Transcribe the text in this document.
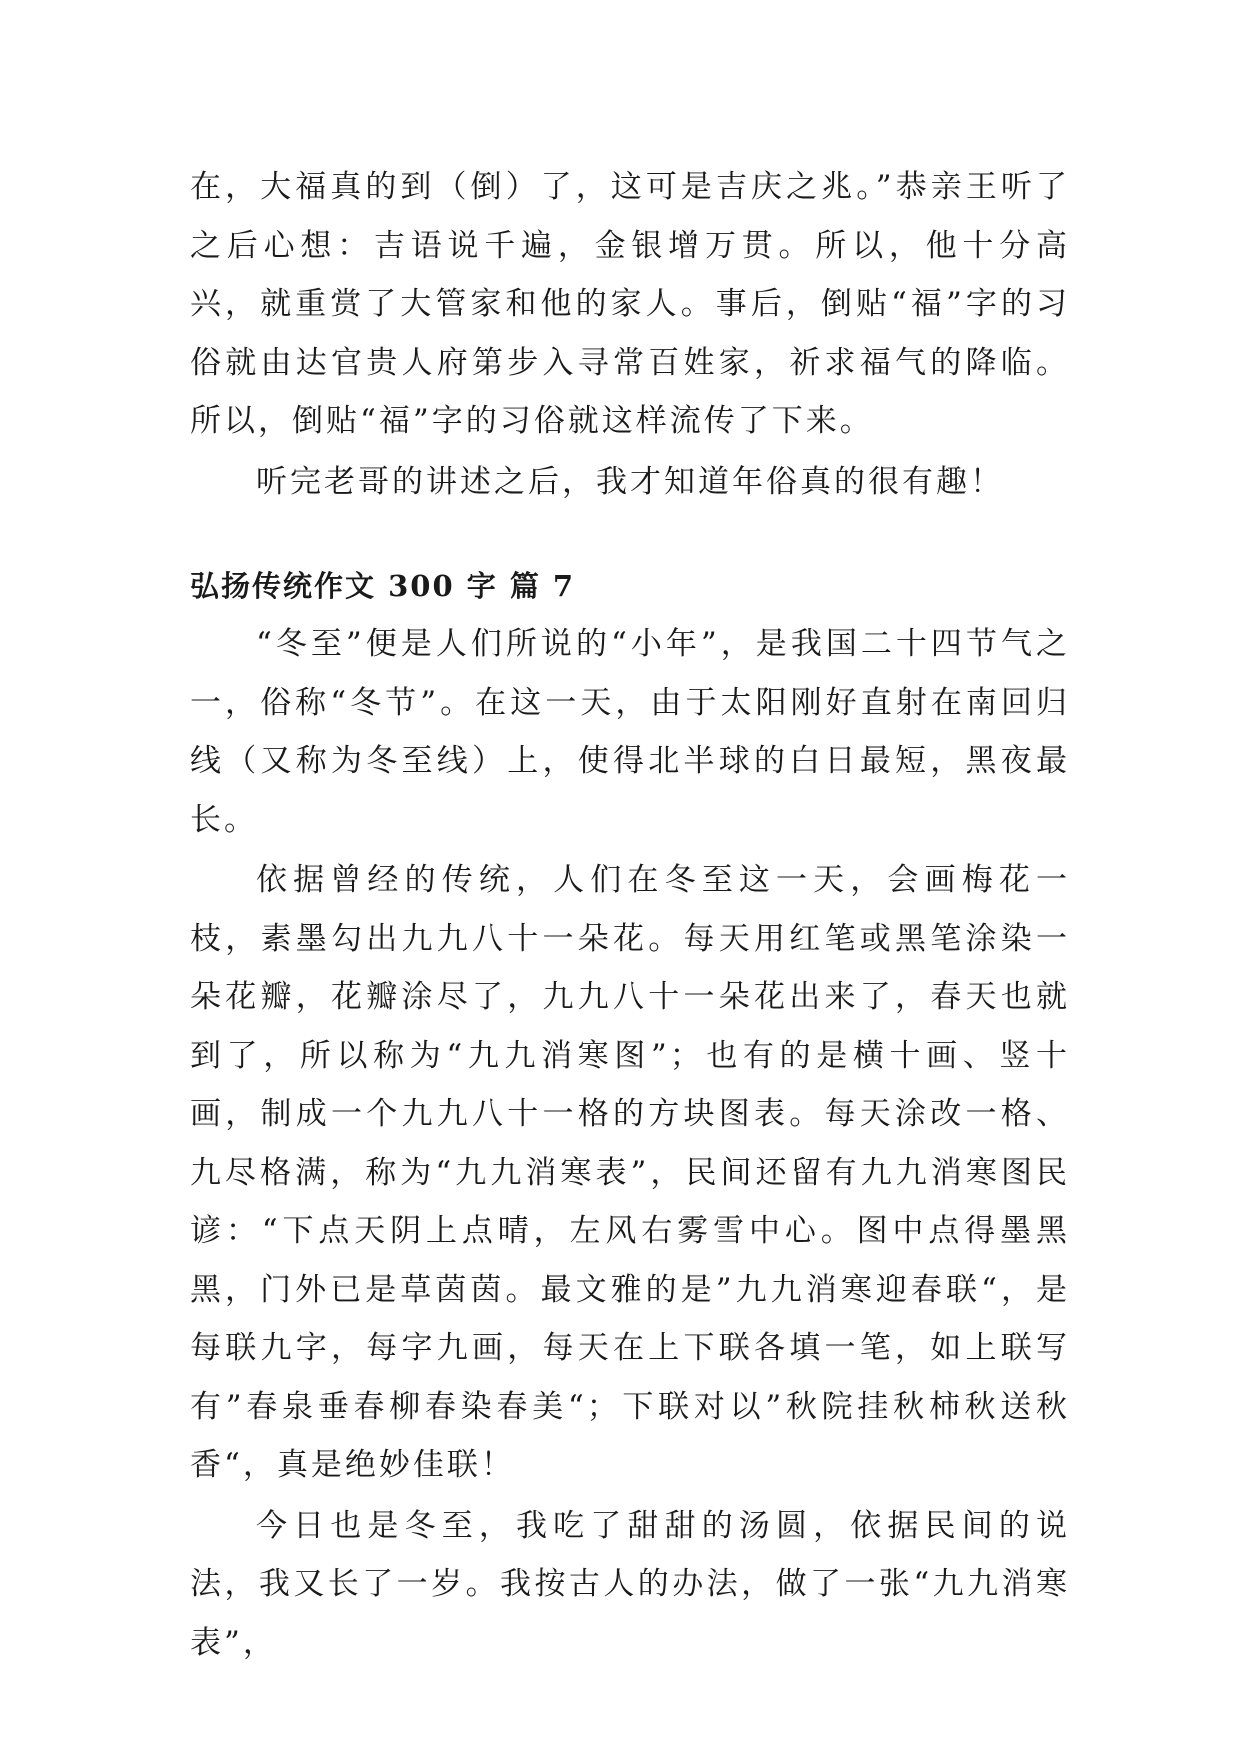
在，大福真的到（倒）了，这可是吉庆之兆。”恭亲王听了之后心想：吉语说千遍，金银增万贯。所以，他十分高兴，就重赏了大管家和他的家人。事后，倒贴“福”字的习俗就由达官贵人府第步入寻常百姓家，祈求福气的降临。所以，倒贴“福”字的习俗就这样流传了下来。

听完老哥的讲述之后，我才知道年俗真的很有趣！

弘扬传统作文 300 字 篇 7

“冬至”便是人们所说的“小年”，是我国二十四节气之一，俗称“冬节”。在这一天，由于太阳刚好直射在南回归线（又称为冬至线）上，使得北半球的白日最短，黑夜最长。

依据曾经的传统，人们在冬至这一天，会画梅花一枝，素墨勾出九九八十一朵花。每天用红笔或黑笔涂染一朵花瓣，花瓣涂尽了，九九八十一朵花出来了，春天也就到了，所以称为“九九消寒图”；也有的是横十画、竖十画，制成一个九九八十一格的方块图表。每天涂改一格、九尽格满，称为“九九消寒表”，民间还留有九九消寒图民谚：“下点天阴上点晴，左风右雾雪中心。图中点得墨黑黑，门外已是草茵茵。最文雅的是”九九消寒迎春联“，是每联九字，每字九画，每天在上下联各填一笔，如上联写有”春泉垂春柳春染春美“；下联对以”秋院挂秋柿秋送秋香“，真是绝妙佳联！

今日也是冬至，我吃了甜甜的汤圆，依据民间的说法，我又长了一岁。我按古人的办法，做了一张“九九消寒表”，
